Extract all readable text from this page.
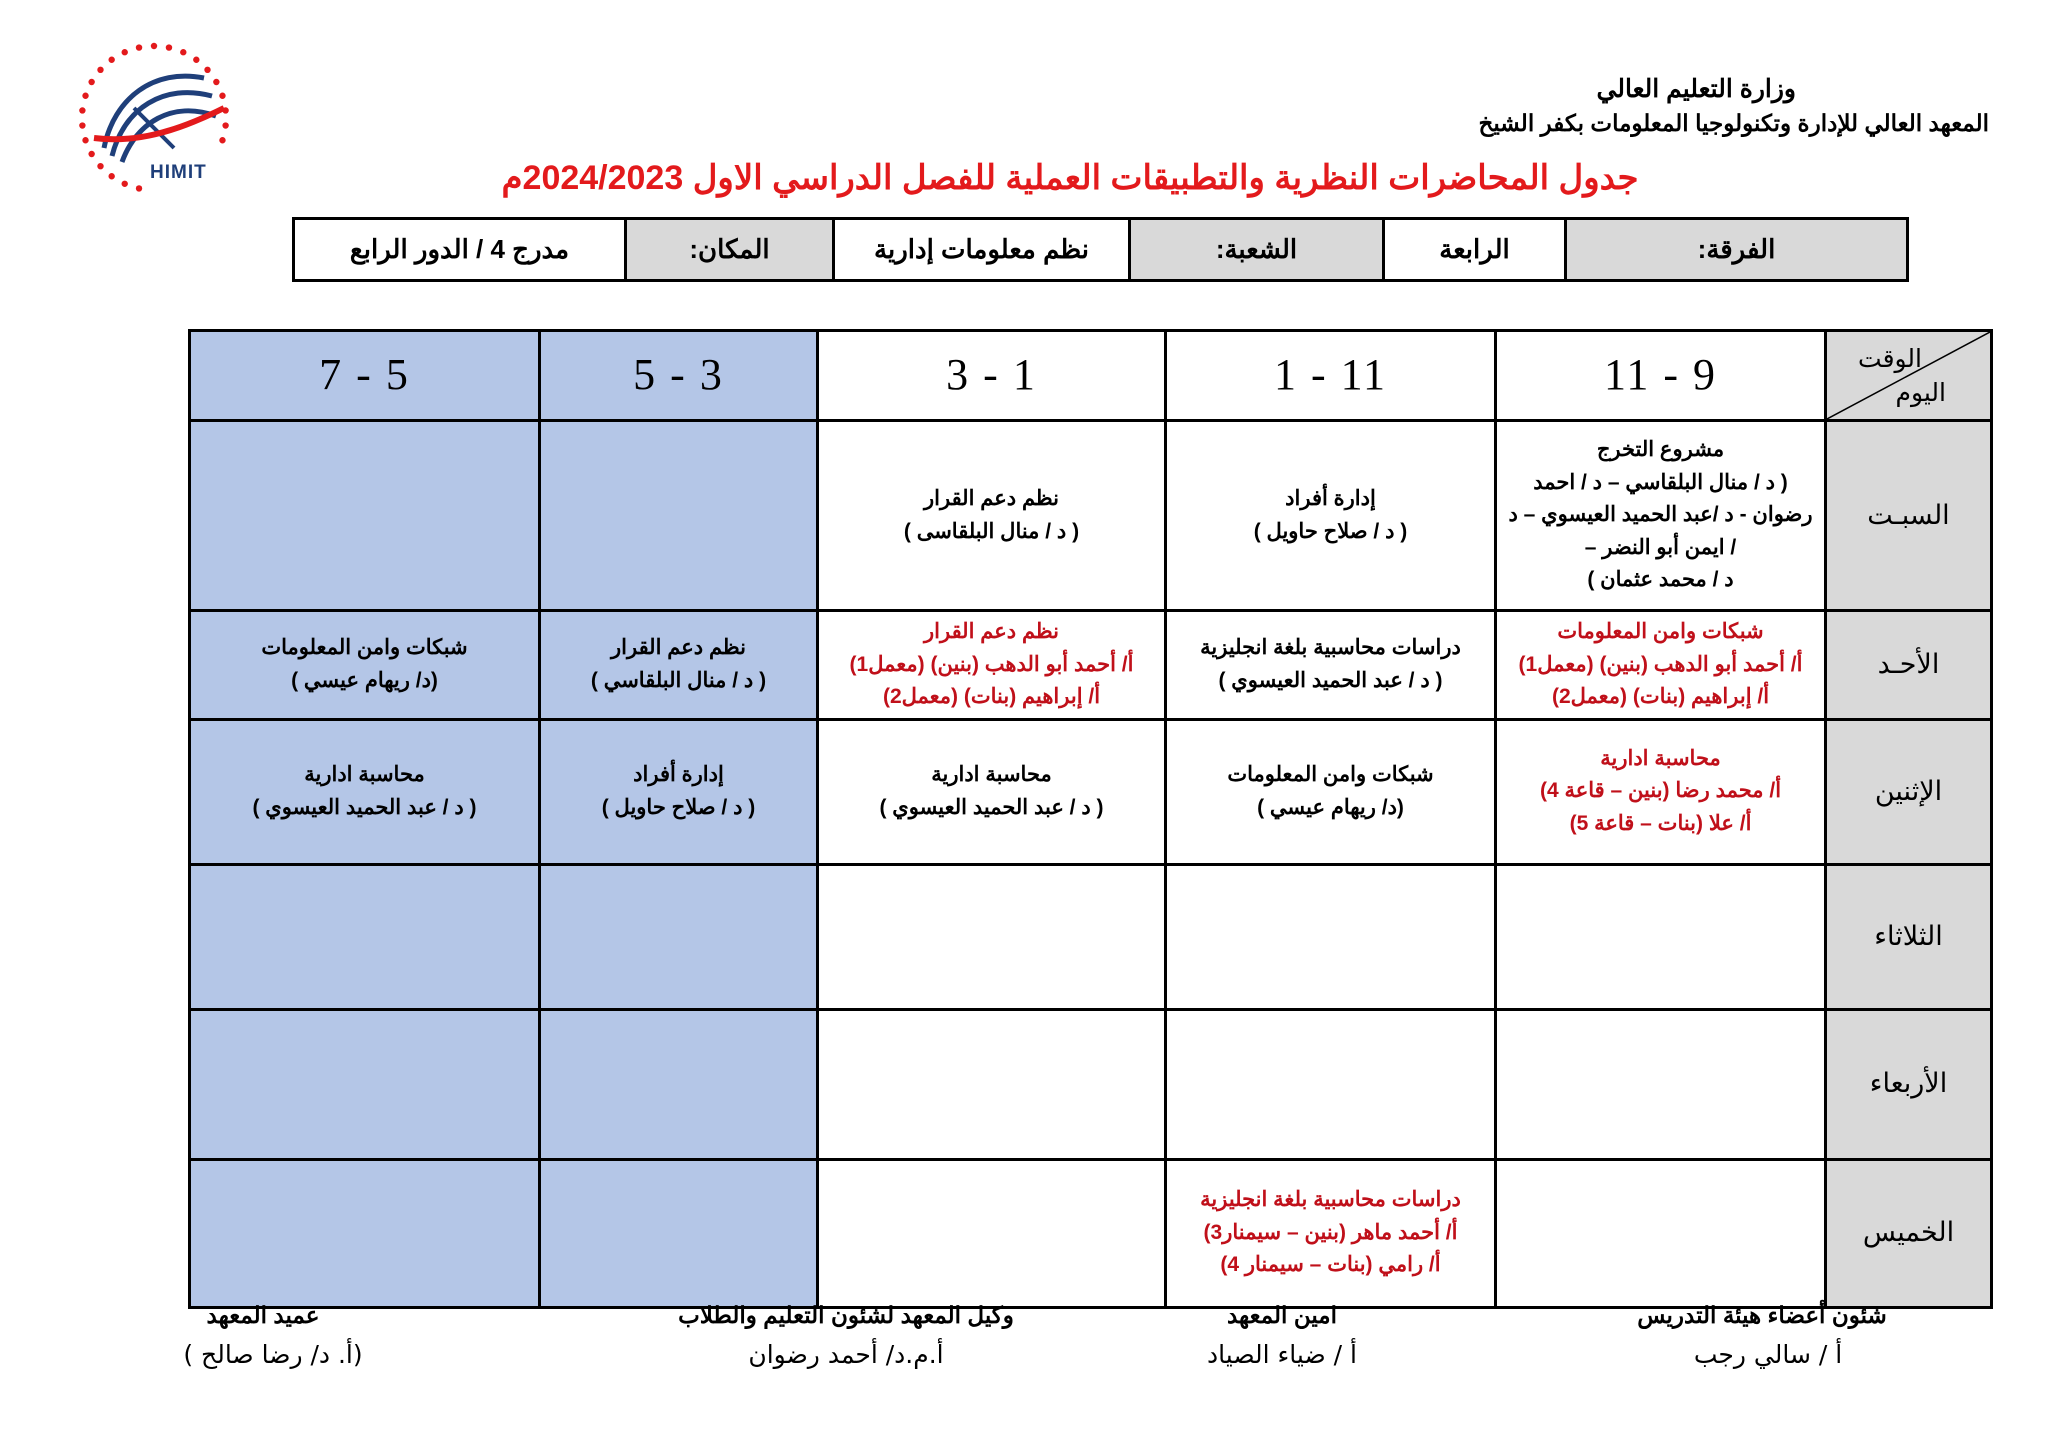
HIMIT
وزارة التعليم العالي
المعهد العالي للإدارة وتكنولوجيا المعلومات بكفر الشيخ
جدول المحاضرات النظرية والتطبيقات العملية للفصل الدراسي الاول 2024/2023م
الفرقة:	الرابعة	الشعبة:	نظم معلومات إدارية	المكان:	مدرج 4 / الدور الرابع
الوقت
اليوم	9 - 11	11 - 1	1 - 3	3 - 5	5 - 7
السبـت	مشروع التخرج
( د / منال البلقاسي – د / احمد
رضوان - د /عبد الحميد العيسوي – د
/ ايمن أبو النضر –
د / محمد عثمان )	إدارة أفراد
( د / صلاح حاويل )	نظم دعم القرار
( د / منال البلقاسى )		

الأحـد	شبكات وامن المعلومات
أ/ أحمد أبو الدهب (بنين) (معمل1)
أ/ إبراهيم (بنات) (معمل2)	دراسات محاسبية بلغة انجليزية
( د / عبد الحميد العيسوي )	نظم دعم القرار
أ/ أحمد أبو الدهب (بنين) (معمل1)
أ/ إبراهيم (بنات) (معمل2)	نظم دعم القرار
( د / منال البلقاسي )	شبكات وامن المعلومات
(د/ ريهام عيسي )

الإثنين	محاسبة ادارية
أ/ محمد رضا (بنين – قاعة 4)
أ/ علا (بنات – قاعة 5)	شبكات وامن المعلومات
(د/ ريهام عيسي )	محاسبة ادارية
( د / عبد الحميد العيسوي )	إدارة أفراد
( د / صلاح حاويل )	محاسبة ادارية
( د / عبد الحميد العيسوي )

الثلاثاء					
الأربعاء					
الخميس		دراسات محاسبية بلغة انجليزية
أ/ أحمد ماهر (بنين – سيمنار3)
أ/ رامي (بنات – سيمنار 4)			

شئون أعضاء هيئة التدريس
أ / سالي رجب
امين المعهد
أ / ضياء الصياد
وكيل المعهد لشئون التعليم والطلاب
أ.م.د/ أحمد رضوان
عميد المعهد
(أ. د/ رضا صالح )
